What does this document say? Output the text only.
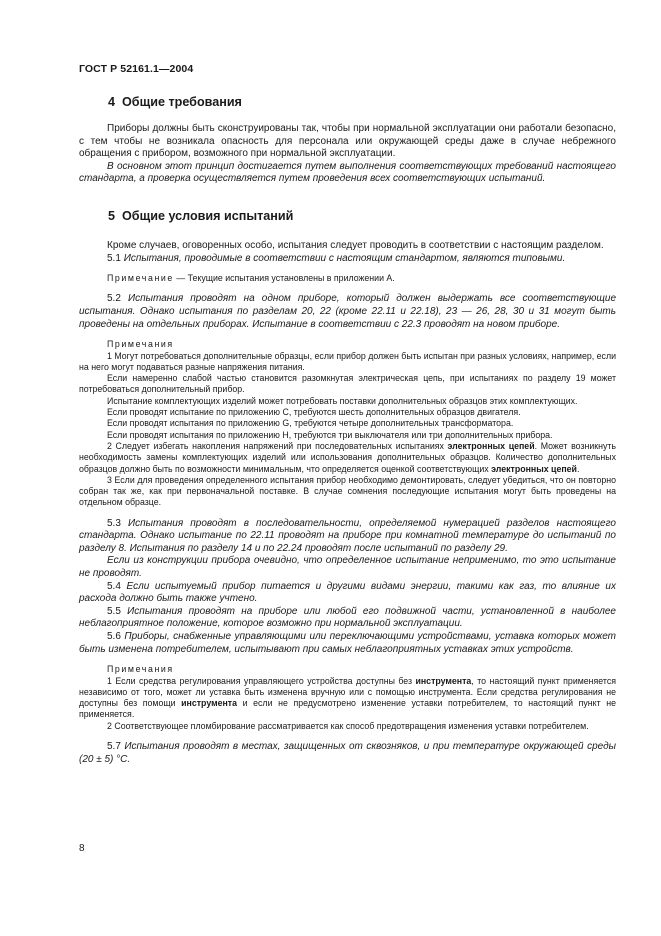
ГОСТ Р 52161.1—2004

4 Общие требования

Приборы должны быть сконструированы так, чтобы при нормальной эксплуатации они работали безопасно, с тем чтобы не возникала опасность для персонала или окружающей среды даже в случае небрежного обращения с прибором, возможного при нормальной эксплуатации.

В основном этот принцип достигается путем выполнения соответствующих требований настоящего стандарта, а проверка осуществляется путем проведения всех соответствующих испытаний.

5 Общие условия испытаний

Кроме случаев, оговоренных особо, испытания следует проводить в соответствии с настоящим разделом.

5.1 Испытания, проводимые в соответствии с настоящим стандартом, являются типовыми.

Примечание — Текущие испытания установлены в приложении А.

5.2 Испытания проводят на одном приборе, который должен выдержать все соответствующие испытания. Однако испытания по разделам 20, 22 (кроме 22.11 и 22.18), 23 — 26, 28, 30 и 31 могут быть проведены на отдельных приборах. Испытание в соответствии с 22.3 проводят на новом приборе.

Примечания

1 Могут потребоваться дополнительные образцы, если прибор должен быть испытан при разных условиях, например, если на него могут подаваться разные напряжения питания.

Если намеренно слабой частью становится разомкнутая электрическая цепь, при испытаниях по разделу 19 может потребоваться дополнительный прибор.

Испытание комплектующих изделий может потребовать поставки дополнительных образцов этих комплектующих.

Если проводят испытание по приложению С, требуются шесть дополнительных образцов двигателя.

Если проводят испытания по приложению G, требуются четыре дополнительных трансформатора.

Если проводят испытания по приложению Н, требуются три выключателя или три дополнительных прибора.

2 Следует избегать накопления напряжений при последовательных испытаниях электронных цепей. Может возникнуть необходимость замены комплектующих изделий или использования дополнительных образцов. Количество дополнительных образцов должно быть по возможности минимальным, что определяется оценкой соответствующих электронных цепей.

3 Если для проведения определенного испытания прибор необходимо демонтировать, следует убедиться, что он повторно собран так же, как при первоначальной поставке. В случае сомнения последующие испытания могут быть проведены на отдельном образце.

5.3 Испытания проводят в последовательности, определяемой нумерацией разделов настоящего стандарта. Однако испытание по 22.11 проводят на приборе при комнатной температуре до испытаний по разделу 8. Испытания по разделу 14 и по 22.24 проводят после испытаний по разделу 29.

Если из конструкции прибора очевидно, что определенное испытание неприменимо, то это испытание не проводят.

5.4 Если испытуемый прибор питается и другими видами энергии, такими как газ, то влияние их расхода должно быть также учтено.

5.5 Испытания проводят на приборе или любой его подвижной части, установленной в наиболее неблагоприятное положение, которое возможно при нормальной эксплуатации.

5.6 Приборы, снабженные управляющими или переключающими устройствами, уставка которых может быть изменена потребителем, испытывают при самых неблагоприятных уставках этих устройств.

Примечания

1 Если средства регулирования управляющего устройства доступны без инструмента, то настоящий пункт применяется независимо от того, может ли уставка быть изменена вручную или с помощью инструмента. Если средства регулирования не доступны без помощи инструмента и если не предусмотрено изменение уставки потребителем, то настоящий пункт не применяется.

2 Соответствующее пломбирование рассматривается как способ предотвращения изменения уставки потребителем.

5.7 Испытания проводят в местах, защищенных от сквозняков, и при температуре окружающей среды (20 ± 5) °С.

8
